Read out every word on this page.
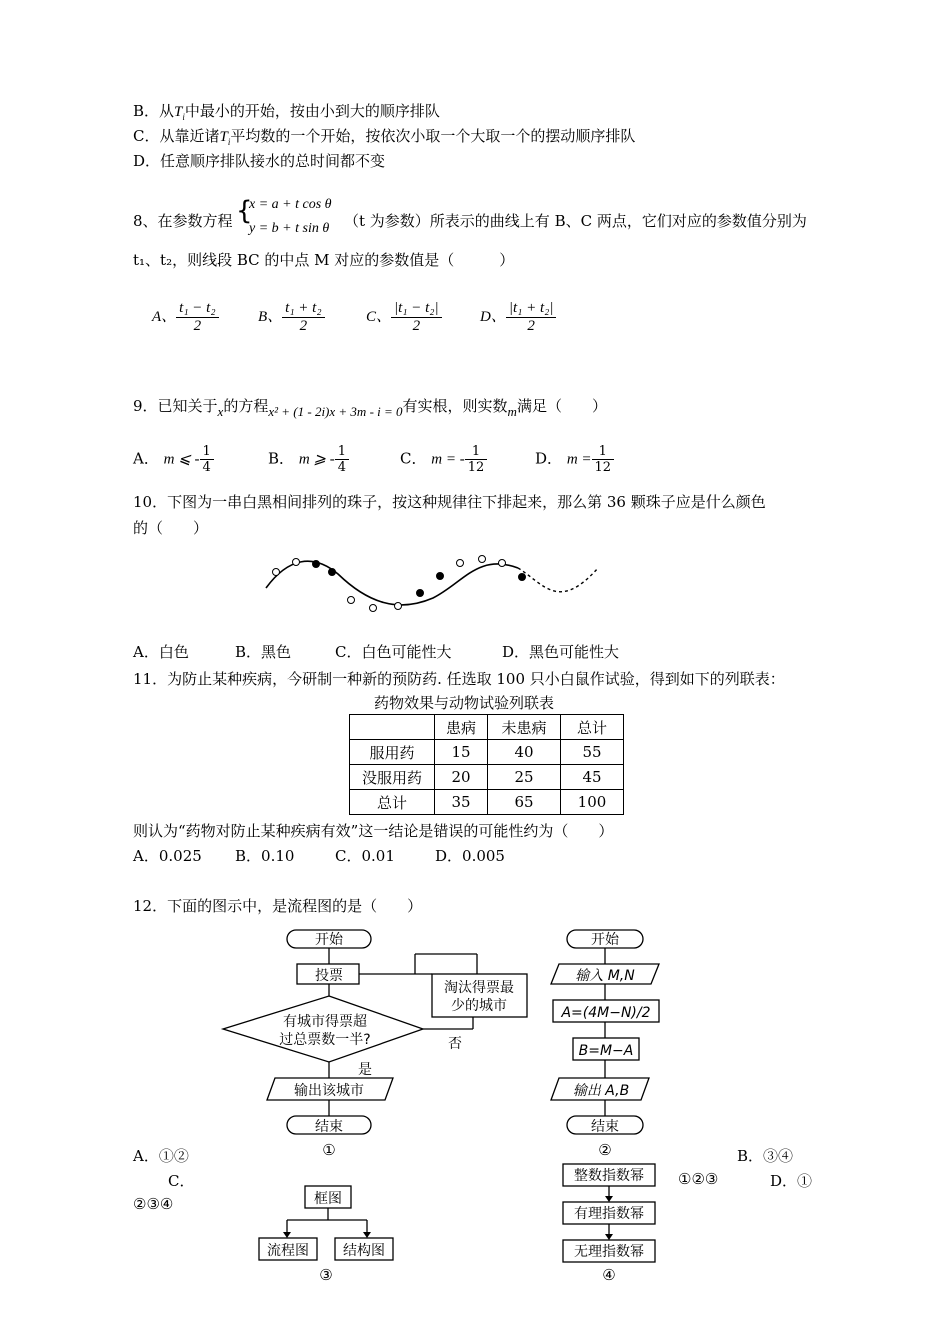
B．从$T_i$中最小的开始，按由小到大的顺序排队
C．从靠近诸$T_i$平均数的一个开始，按依次小取一个大取一个的摆动顺序排队
D．任意顺序排队接水的总时间都不变
8、在参数方程 {
x = a + t cos θ
y = b + t sin θ （t 为参数）所表示的曲线上有 B、C 两点，它们对应的参数值分别为
t₁、t₂，则线段 BC 的中点 M 对应的参数值是（　　　）
A、 $\frac{\text{t₁ − t₂}}{2}$	B、 $\frac{\text{t₁ + t₂}}{2}$	C、 $\frac{\text{|t₁ − t₂|}}{2}$	D、 $\frac{\text{|t₁ + t₂|}}{2}$
9．已知关于x的方程x² + (1 - 2i)x + 3m - i = 0有实根，则实数m满足（　　）
A． m ⩽ - $\frac{1}{4}$	B． m ⩾ - $\frac{1}{4}$	C． m = - $\frac{1}{12}$	D． $m = \frac{1}{12}$
10．下图为一串白黑相间排列的珠子，按这种规律往下排起来，那么第 36 颗珠子应是什么颜色
的（　　）
A．白色	B．黑色	C．白色可能性大	D．黑色可能性大
11．为防止某种疾病，今研制一种新的预防药. 任选取 100 只小白鼠作试验，得到如下的列联表：
药物效果与动物试验列联表
	患病	未患病	总计
服用药	15	40	55
没服用药	20	25	45
总计	35	65	100
则认为“药物对防止某种疾病有效”这一结论是错误的可能性约为（　　）
A．0.025 B．0.10	C．0.01	D．0.005
12．下面的图示中，是流程图的是（　　）
开始
投票
有城市得票超
过总票数一半?
淘汰得票最
少的城市
否
是
输出该城市
结束
①
开始
输入 M,N
A=(4M−N)/2
B=M−A
输出 A,B
结束
②
A．①②	B．③④
C．	①②③	D．①
②③④	框图
流程图 结构图
③
整数指数幂
有理指数幂
无理指数幂
④
